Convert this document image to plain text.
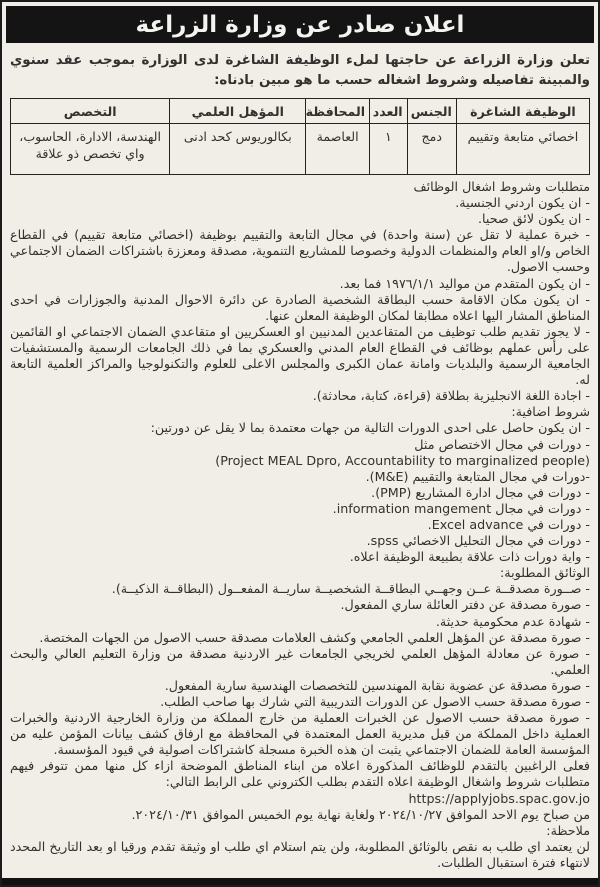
اعلان صادر عن وزارة الزراعة

تعلن وزارة الزراعة عن حاجتها لملء الوظيفة الشاغرة لدى الوزارة بموجب عقد سنوي والمبينة تفاصيله وشروط اشغاله حسب ما هو مبين بادناه:

الوظيفة الشاغرة	الجنس	العدد	المحافظة	المؤهل العلمي	التخصص
اخصائي متابعة وتقييم	دمج	١	العاصمة	بكالوريوس كحد ادنى	الهندسة، الادارة، الحاسوب، واي تخصص ذو علاقة
متطلبات وشروط اشغال الوظائف
- ان يكون اردني الجنسية.
- ان يكون لائق صحيا.
- خبرة عملية لا تقل عن (سنة واحدة) في مجال التابعة والتقييم بوظيفة (اخصائي متابعة تقييم) في القطاع الخاص و/او العام والمنظمات الدولية وخصوصا للمشاريع التنموية، مصدقة ومعززة باشتراكات الضمان الاجتماعي وحسب الاصول.
- ان يكون المتقدم من مواليد ١٩٧٦/١/١ فما بعد.
- ان يكون مكان الاقامة حسب البطاقة الشخصية الصادرة عن دائرة الاحوال المدنية والجوزارات في احدى المناطق المشار اليها اعلاه مطابقا لمكان الوظيفة المعلن عنها.
- لا يجوز تقديم طلب توظيف من المتقاعدين المدنيين او العسكريين او متقاعدي الضمان الاجتماعي او القائمين على رأس عملهم بوظائف في القطاع العام المدني والعسكري بما في ذلك الجامعات الرسمية والمستشفيات الجامعية الرسمية والبلديات وامانة عمان الكبرى والمجلس الاعلى للعلوم والتكنولوجيا والمراكز العلمية التابعة له.
- اجادة اللغة الانجليزية بطلاقة (قراءة، كتابة، محادثة).
شروط اضافية:
- ان يكون حاصل على احدى الدورات التالية من جهات معتمدة بما لا يقل عن دورتين:
- دورات في مجال الاختصاص مثل
(Project MEAL Dpro, Accountability to marginalized people)
-دورات في مجال المتابعة والتقييم (M&E).
- دورات في مجال ادارة المشاريع (PMP).
- دورات في مجال information mangement.
- دورات في Excel advance.
- دورات في مجال التحليل الاخصائي spss.
- واية دورات ذات علاقة بطبيعة الوظيفة اعلاه.
الوثائق المطلوبة:
- صــورة مصدقــة عــن وجهــي البطاقــة الشخصيــة ساريــة المفعــول (البطاقــة الذكيــة).
- صورة مصدقة عن دفتر العائلة ساري المفعول.
- شهادة عدم محكومية حديثة.
- صورة مصدقة عن المؤهل العلمي الجامعي وكشف العلامات مصدقة حسب الاصول من الجهات المختصة.
- صورة عن معادلة المؤهل العلمي لخريجي الجامعات غير الاردنية مصدقة من وزارة التعليم العالي والبحث العلمي.
- صورة مصدقة عن عضوية نقابة المهندسين للتخصصات الهندسية سارية المفعول.
- صورة مصدقة حسب الاصول عن الدورات التدريبية التي شارك بها صاحب الطلب.
- صورة مصدقة حسب الاصول عن الخبرات العملية من خارج المملكة من وزارة الخارجية الاردنية والخبرات العملية داخل المملكة من قبل مديرية العمل المعتمدة في المحافظة مع ارفاق كشف بيانات المؤمن عليه من المؤسسة العامة للضمان الاجتماعي يثبت ان هذه الخبرة مسجلة كاشتراكات اصولية في قيود المؤسسة.
فعلى الراغبين بالتقدم للوظائف المذكورة اعلاه من ابناء المناطق الموضحة ازاء كل منها ممن تتوفر فيهم متطلبات شروط واشغال الوظيفة اعلاه التقدم بطلب الكتروني على الرابط التالي:
https://applyjobs.spac.gov.jo
من صباح يوم الاحد الموافق ٢٠٢٤/١٠/٢٧ ولغاية نهاية يوم الخميس الموافق ٢٠٢٤/١٠/٣١.
ملاحظة:
لن يعتمد اي طلب به نقص بالوثائق المطلوبة، ولن يتم استلام اي طلب او وثيقة تقدم ورقيا او بعد التاريخ المحدد لانتهاء فترة استقبال الطلبات.
